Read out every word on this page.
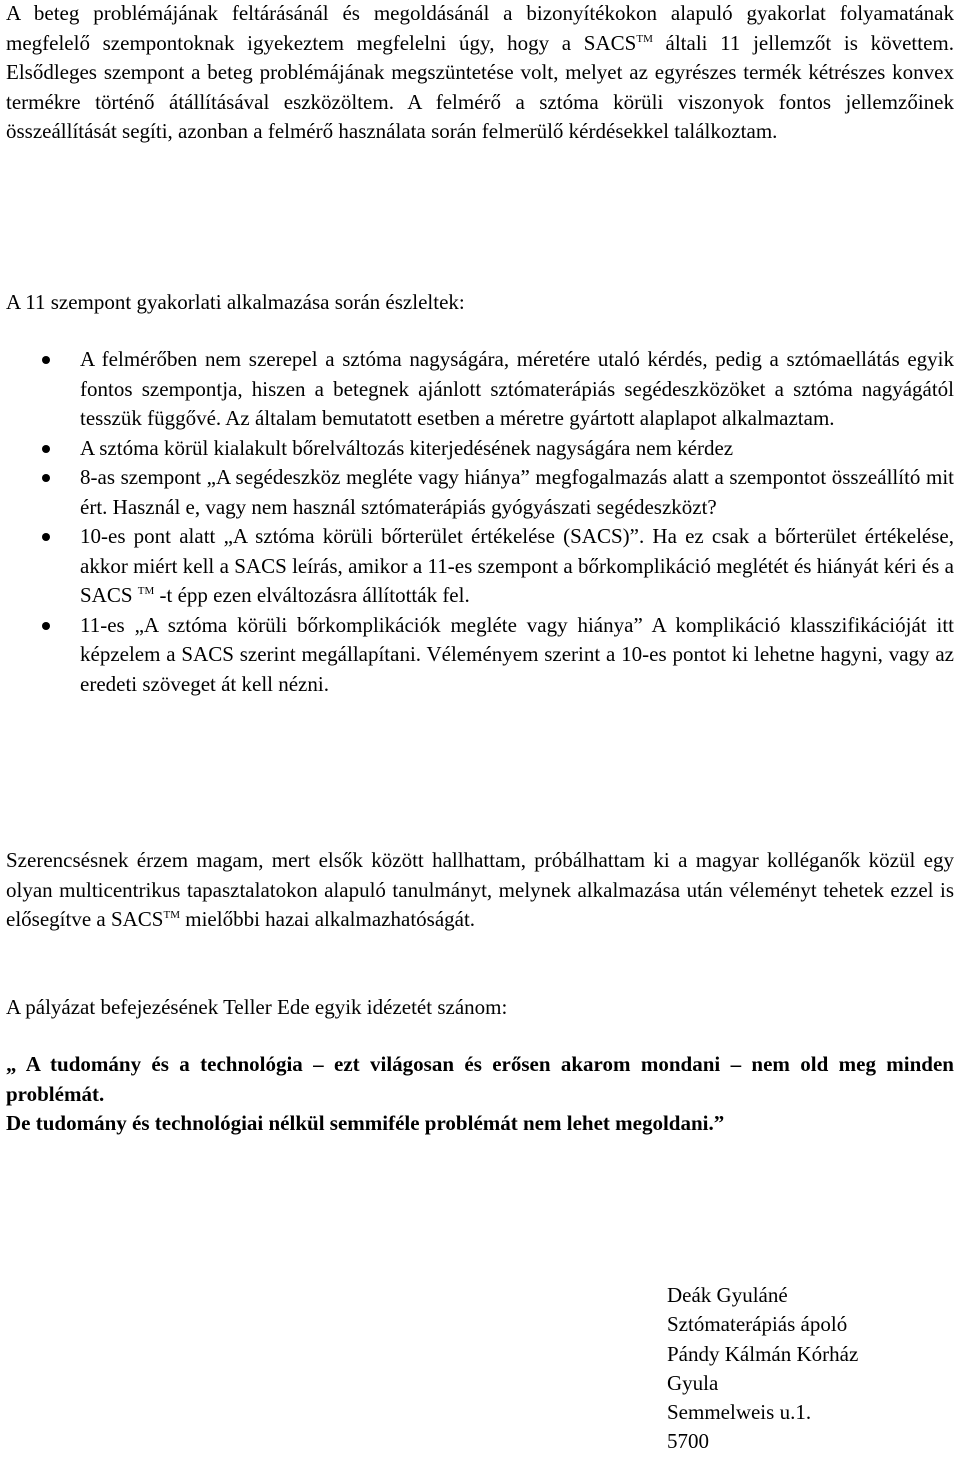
A beteg problémájának feltárásánál és megoldásánál a bizonyítékokon alapuló gyakorlat folyamatának megfelelő szempontoknak igyekeztem megfelelni úgy, hogy a SACS™ általi 11 jellemzőt is követtem. Elsődleges szempont a beteg problémájának megszüntetése volt, melyet az egyrészes termék kétrészes konvex termékre történő átállításával eszközöltem. A felmérő a sztóma körüli viszonyok fontos jellemzőinek összeállítását segíti, azonban a felmérő használata során felmerülő kérdésekkel találkoztam.

A 11 szempont gyakorlati alkalmazása során észleltek:

A felmérőben nem szerepel a sztóma nagyságára, méretére utaló kérdés, pedig a sztómaellátás egyik fontos szempontja, hiszen a betegnek ajánlott sztómaterápiás segédeszközöket a sztóma nagyágától tesszük függővé. Az általam bemutatott esetben a méretre gyártott alaplapot alkalmaztam.
A sztóma körül kialakult bőrelváltozás kiterjedésének nagyságára nem kérdez
8-as szempont „A segédeszköz megléte vagy hiánya” megfogalmazás alatt a szempontot összeállító mit ért. Használ e, vagy nem használ sztómaterápiás gyógyászati segédeszközt?
10-es pont alatt „A sztóma körüli bőrterület értékelése (SACS)”. Ha ez csak a bőrterület értékelése, akkor miért kell a SACS leírás, amikor a 11-es szempont a bőrkomplikáció meglétét és hiányát kéri és a SACS ™ -t épp ezen elváltozásra állították fel.
11-es „A sztóma körüli bőrkomplikációk megléte vagy hiánya” A komplikáció klasszifikációját itt képzelem a SACS szerint megállapítani. Véleményem szerint a 10-es pontot ki lehetne hagyni, vagy az eredeti szöveget át kell nézni.

Szerencsésnek érzem magam, mert elsők között hallhattam, próbálhattam ki a magyar kolléganők közül egy olyan multicentrikus tapasztalatokon alapuló tanulmányt, melynek alkalmazása után véleményt tehetek ezzel is elősegítve a SACS™ mielőbbi hazai alkalmazhatóságát.

A pályázat befejezésének Teller Ede egyik idézetét szánom:

„ A tudomány és a technológia – ezt világosan és erősen akarom mondani – nem old meg minden problémát.
De tudomány és technológiai nélkül semmiféle problémát nem lehet megoldani.”

Deák Gyuláné
Sztómaterápiás ápoló
Pándy Kálmán Kórház
Gyula
Semmelweis u.1.
5700
